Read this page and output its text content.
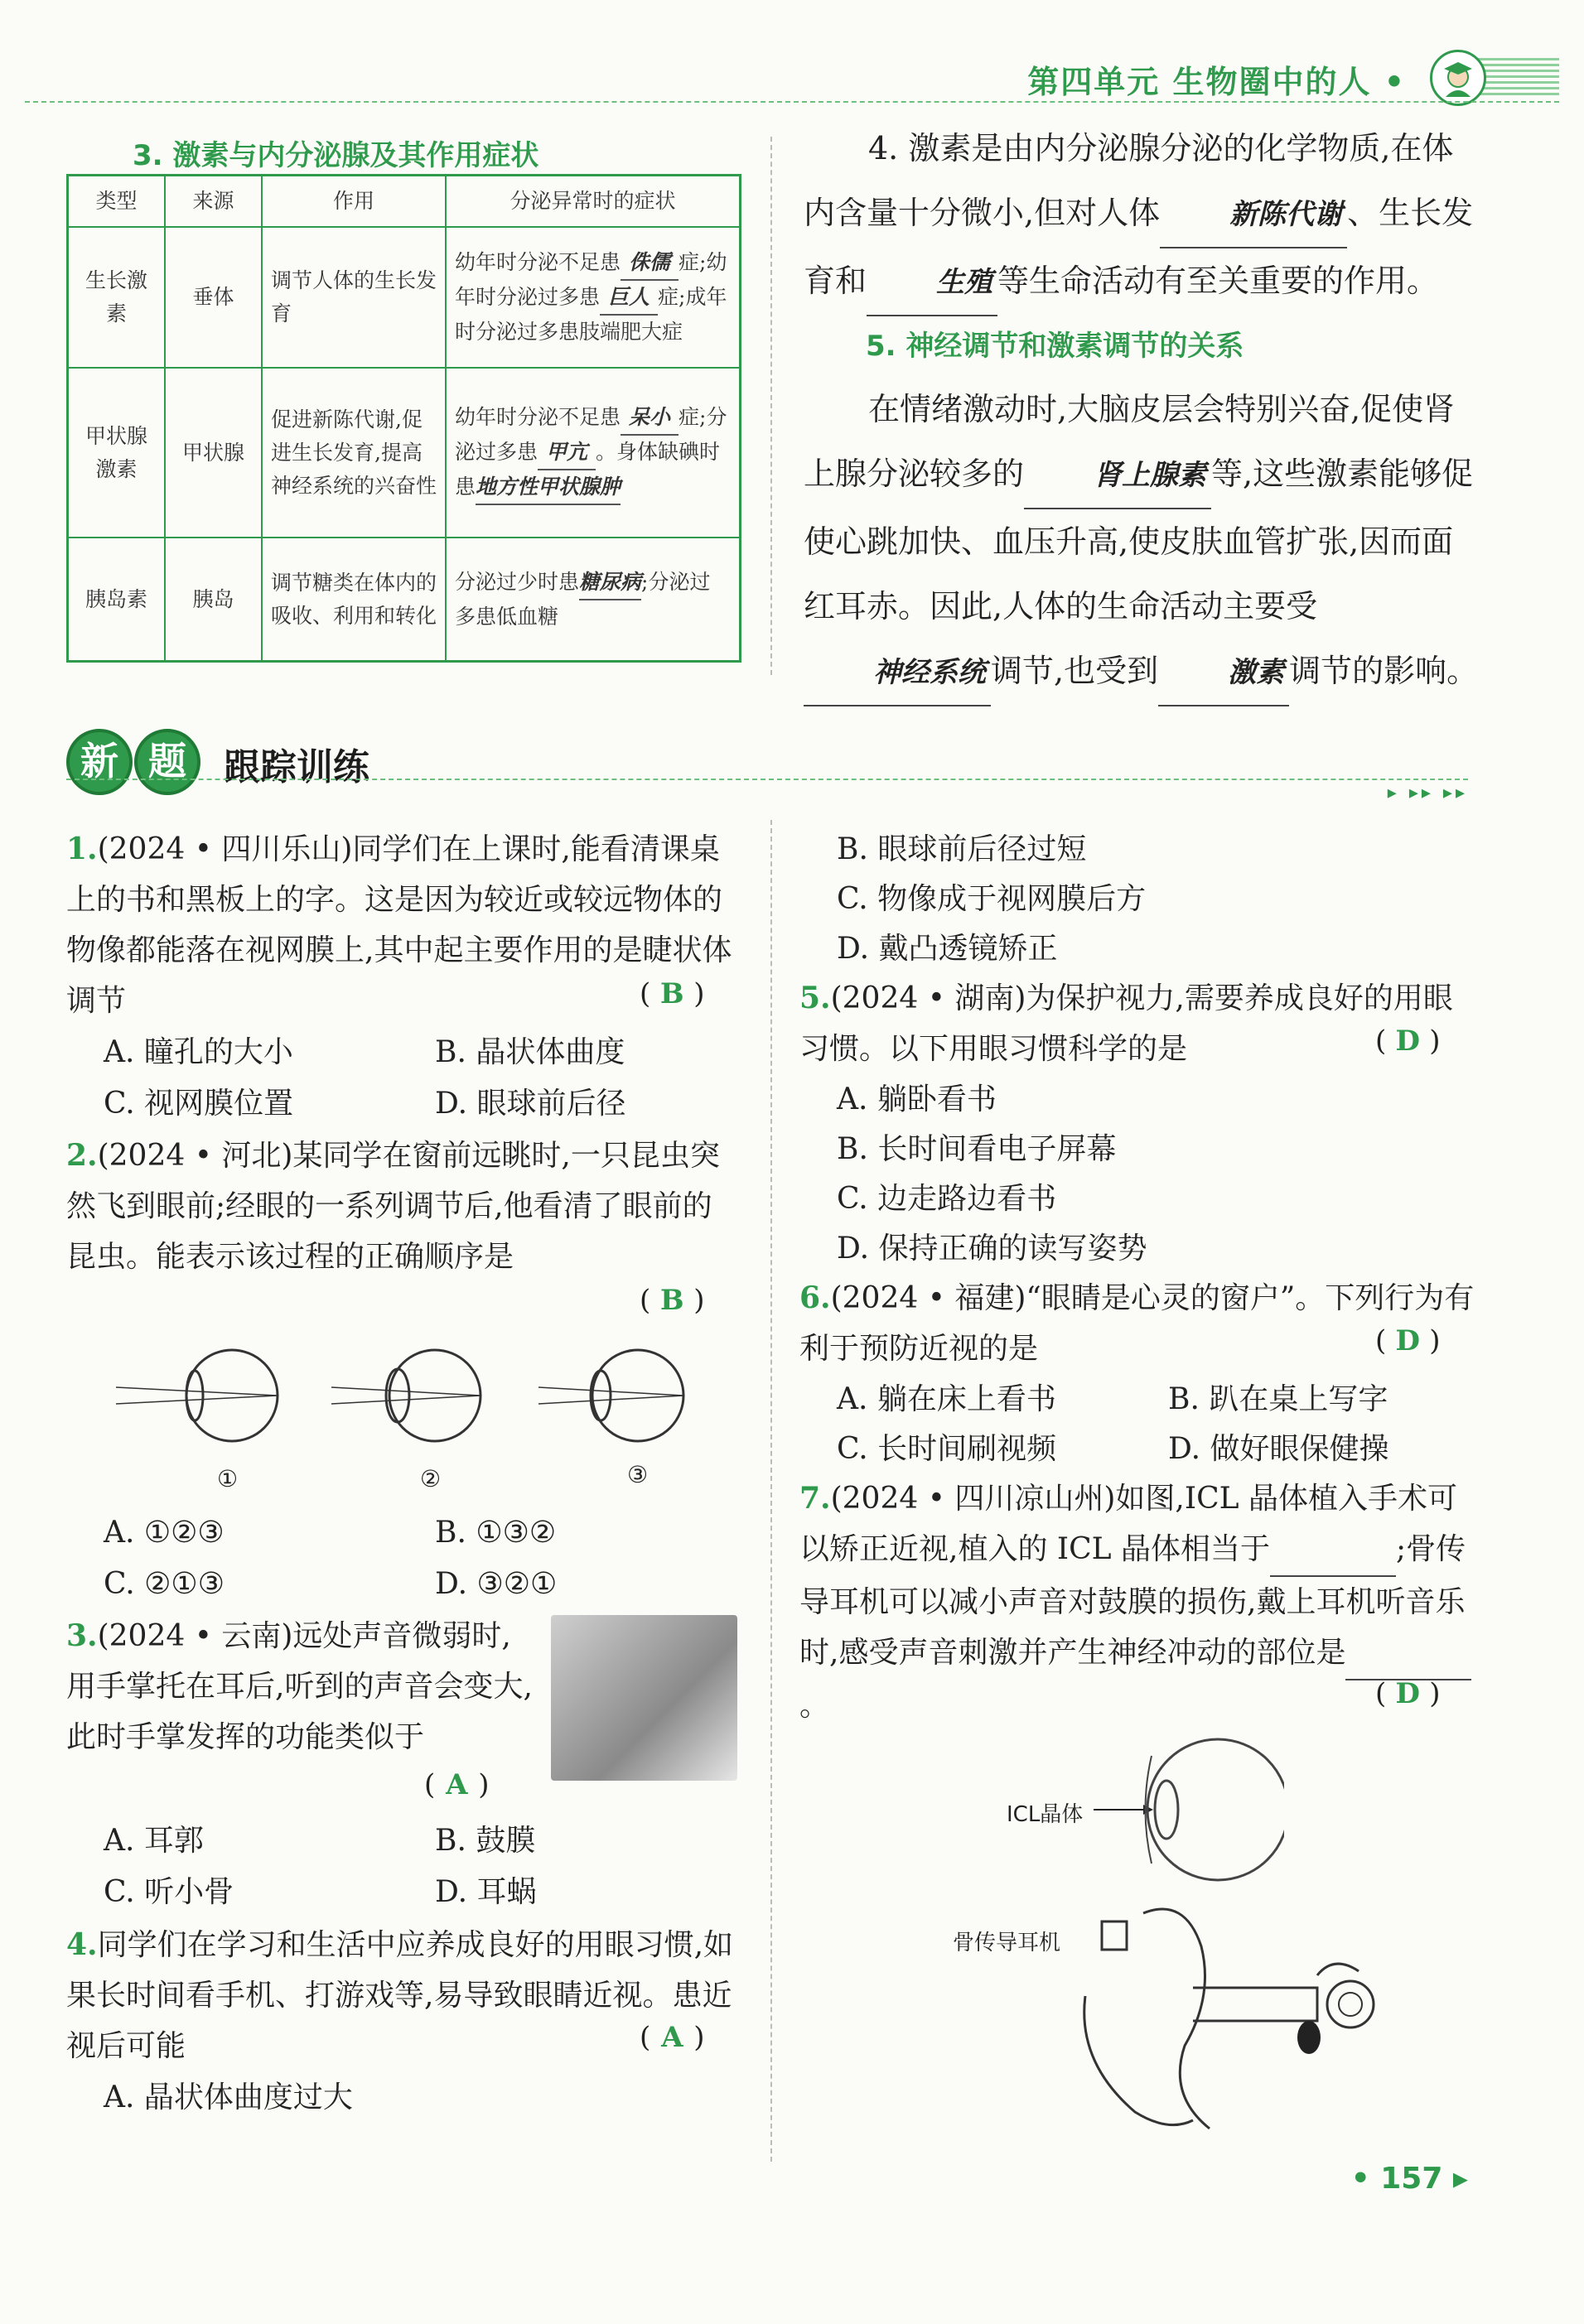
第四单元 生物圈中的人 •
3. 激素与内分泌腺及其作用症状
类型	来源	作用	分泌异常时的症状
生长激素	垂体	调节人体的生长发育	幼年时分泌不足患 侏儒 症;幼年时分泌过多患 巨人 症;成年时分泌过多患肢端肥大症
甲状腺激素	甲状腺	促进新陈代谢,促进生长发育,提高神经系统的兴奋性	幼年时分泌不足患 呆小 症;分泌过多患 甲亢 。身体缺碘时患地方性甲状腺肿
胰岛素	胰岛	调节糖类在体内的吸收、利用和转化	分泌过少时患糖尿病;分泌过多患低血糖
4. 激素是由内分泌腺分泌的化学物质,在体内含量十分微小,但对人体 新陈代谢 、生长发育和 生殖 等生命活动有至关重要的作用。
5. 神经调节和激素调节的关系
在情绪激动时,大脑皮层会特别兴奋,促使肾上腺分泌较多的 肾上腺素 等,这些激素能够促使心跳加快、血压升高,使皮肤血管扩张,因而面红耳赤。因此,人体的生命活动主要受神经系统 调节,也受到 激素 调节的影响。
新 题	跟踪训练
▸ ▸▸ ▸▸
1.(2024 • 四川乐山)同学们在上课时,能看清课桌上的书和黑板上的字。这是因为较近或较远物体的物像都能落在视网膜上,其中起主要作用的是睫状体调节	( B )
A. 瞳孔的大小	B. 晶状体曲度
C. 视网膜位置	D. 眼球前后径
2.(2024 • 河北)某同学在窗前远眺时,一只昆虫突然飞到眼前;经眼的一系列调节后,他看清了眼前的昆虫。能表示该过程的正确顺序是
( B )
①	②	③
A. ①②③	B. ①③②
C. ②①③	D. ③②①
3.(2024 • 云南)远处声音微弱时,用手掌托在耳后,听到的声音会变大,此时手掌发挥的功能类似于
( A )
A. 耳郭	B. 鼓膜
C. 听小骨	D. 耳蜗
4.同学们在学习和生活中应养成良好的用眼习惯,如果长时间看手机、打游戏等,易导致眼睛近视。患近视后可能	( A )
A. 晶状体曲度过大
B. 眼球前后径过短
C. 物像成于视网膜后方
D. 戴凸透镜矫正
5.(2024 • 湖南)为保护视力,需要养成良好的用眼习惯。以下用眼习惯科学的是	( D )
A. 躺卧看书
B. 长时间看电子屏幕
C. 边走路边看书
D. 保持正确的读写姿势
6.(2024 • 福建)“眼睛是心灵的窗户”。下列行为有利于预防近视的是	( D )
A. 躺在床上看书	B. 趴在桌上写字
C. 长时间刷视频	D. 做好眼保健操
7.(2024 • 四川凉山州)如图,ICL 晶体植入手术可以矫正近视,植入的 ICL 晶体相当于	;骨传导耳机可以减小声音对鼓膜的损伤,戴上耳机听音乐时,感受声音刺激并产生神经冲动的部位是 。	( D )
ICL晶体
骨传导耳机
• 157 ▸
